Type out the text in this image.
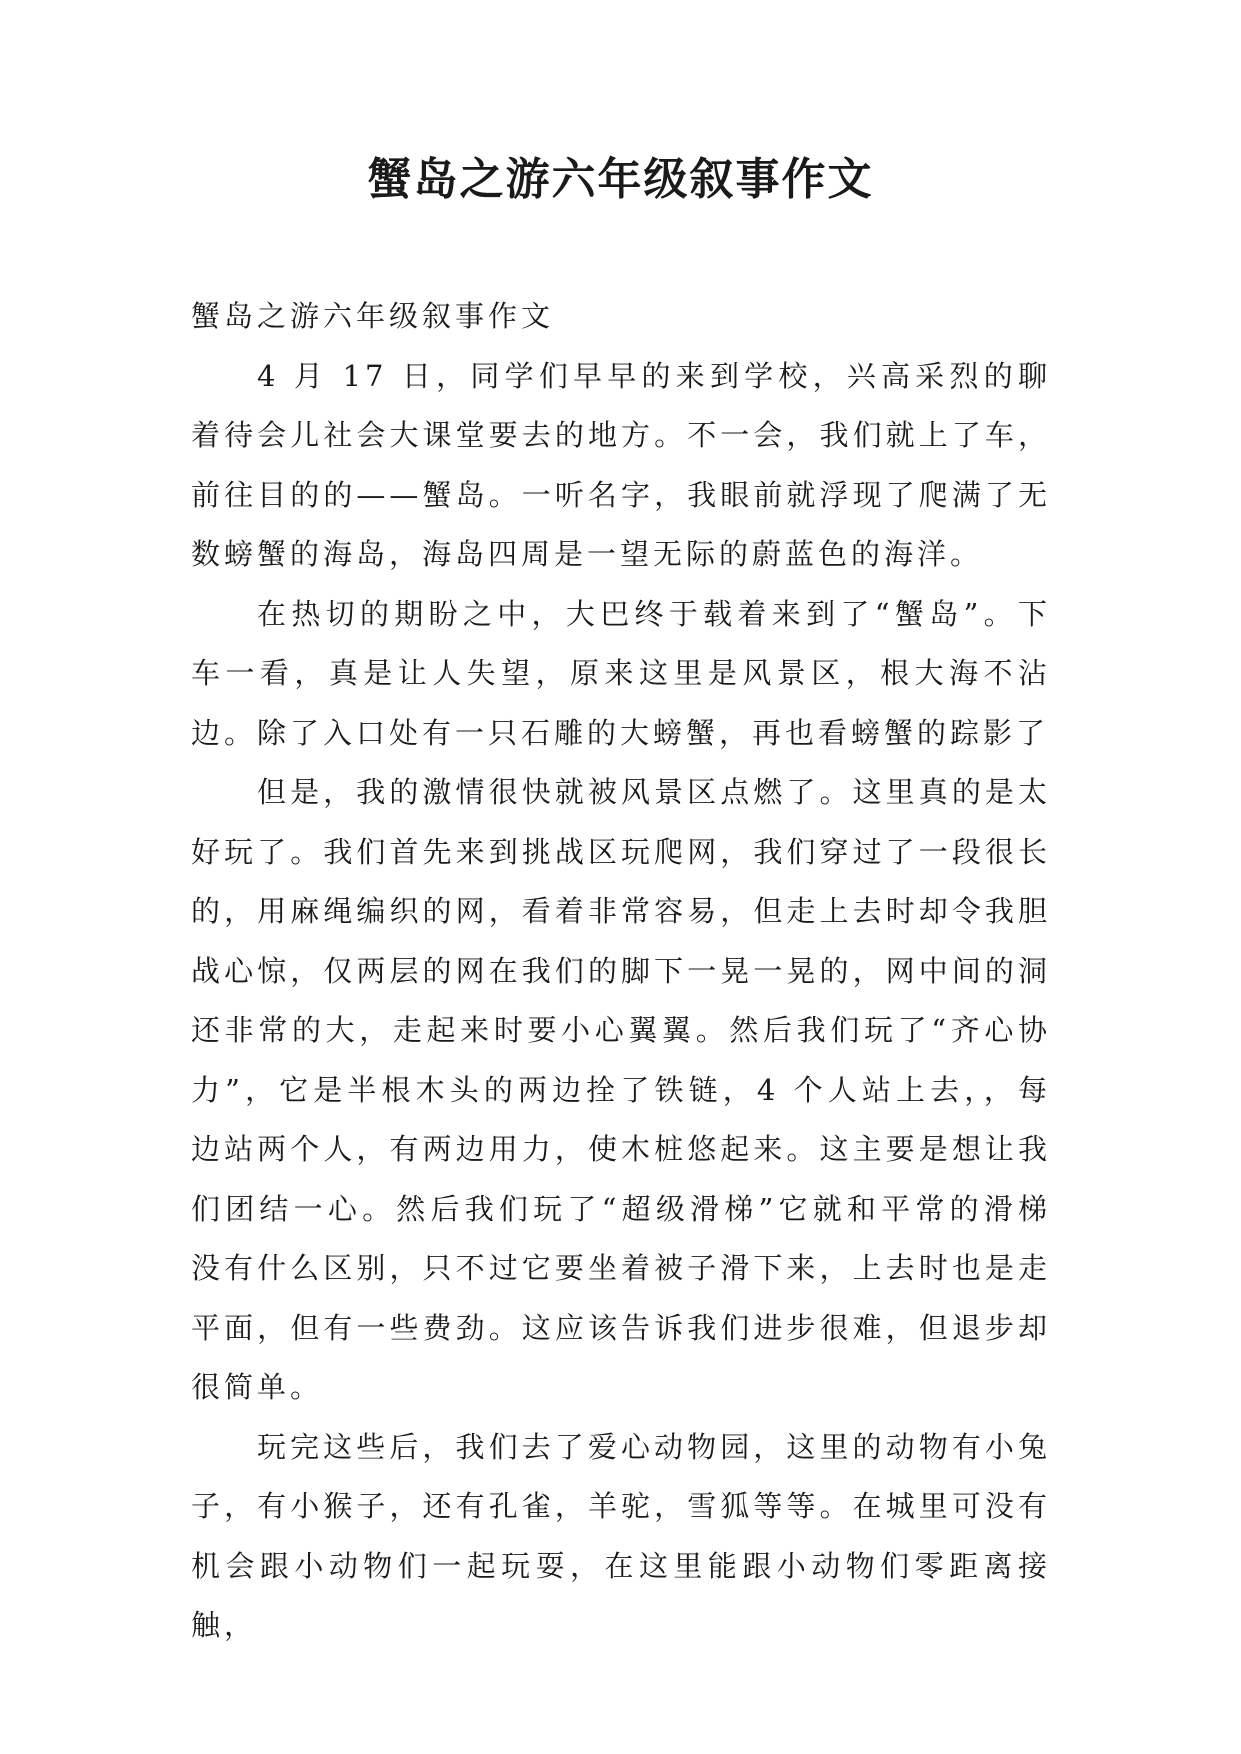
蟹岛之游六年级叙事作文

蟹岛之游六年级叙事作文

4 月 17 日，同学们早早的来到学校，兴高采烈的聊着待会儿社会大课堂要去的地方。不一会，我们就上了车，前往目的的——蟹岛。一听名字，我眼前就浮现了爬满了无数螃蟹的海岛，海岛四周是一望无际的蔚蓝色的海洋。

在热切的期盼之中，大巴终于载着来到了“蟹岛”。下车一看，真是让人失望，原来这里是风景区，根大海不沾边。除了入口处有一只石雕的大螃蟹，再也看螃蟹的踪影了

但是，我的激情很快就被风景区点燃了。这里真的是太好玩了。我们首先来到挑战区玩爬网，我们穿过了一段很长的，用麻绳编织的网，看着非常容易，但走上去时却令我胆战心惊，仅两层的网在我们的脚下一晃一晃的，网中间的洞还非常的大，走起来时要小心翼翼。然后我们玩了“齐心协力”，它是半根木头的两边拴了铁链，4 个人站上去，，每边站两个人，有两边用力，使木桩悠起来。这主要是想让我们团结一心。然后我们玩了“超级滑梯”它就和平常的滑梯没有什么区别，只不过它要坐着被子滑下来，上去时也是走平面，但有一些费劲。这应该告诉我们进步很难，但退步却很简单。

玩完这些后，我们去了爱心动物园，这里的动物有小兔子，有小猴子，还有孔雀，羊驼，雪狐等等。在城里可没有机会跟小动物们一起玩耍，在这里能跟小动物们零距离接触，
